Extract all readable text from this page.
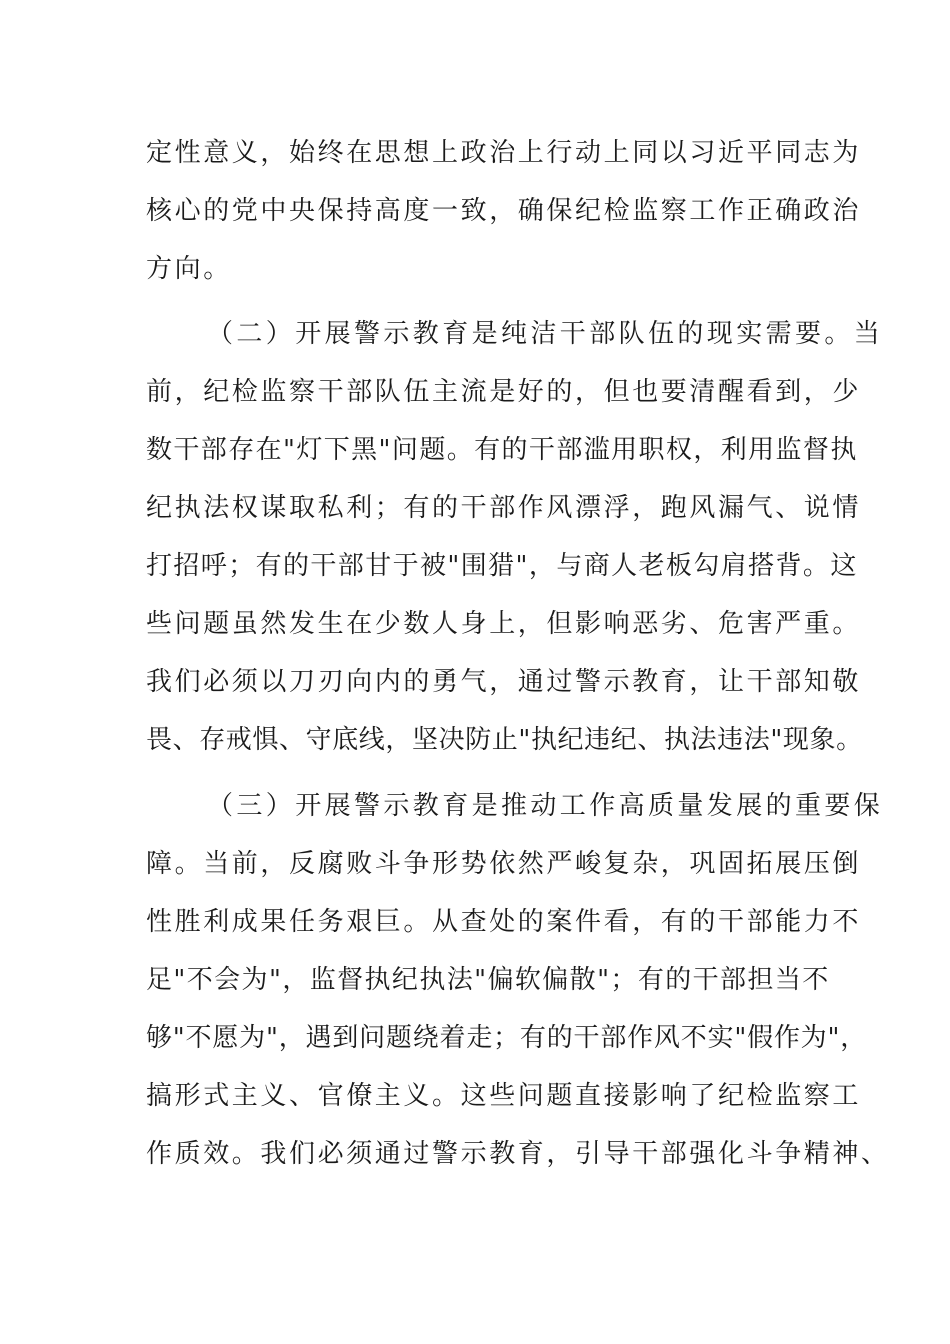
定性意义，始终在思想上政治上行动上同以习近平同志为
核心的党中央保持高度一致，确保纪检监察工作正确政治
方向。
（二）开展警示教育是纯洁干部队伍的现实需要。当
前，纪检监察干部队伍主流是好的，但也要清醒看到，少
数干部存在"灯下黑"问题。有的干部滥用职权，利用监督执
纪执法权谋取私利；有的干部作风漂浮，跑风漏气、说情
打招呼；有的干部甘于被"围猎"，与商人老板勾肩搭背。这
些问题虽然发生在少数人身上，但影响恶劣、危害严重。
我们必须以刀刃向内的勇气，通过警示教育，让干部知敬
畏、存戒惧、守底线，坚决防止"执纪违纪、执法违法"现象。
（三）开展警示教育是推动工作高质量发展的重要保
障。当前，反腐败斗争形势依然严峻复杂，巩固拓展压倒
性胜利成果任务艰巨。从查处的案件看，有的干部能力不
足"不会为"，监督执纪执法"偏软偏散"；有的干部担当不
够"不愿为"，遇到问题绕着走；有的干部作风不实"假作为"，
搞形式主义、官僚主义。这些问题直接影响了纪检监察工
作质效。我们必须通过警示教育，引导干部强化斗争精神、
